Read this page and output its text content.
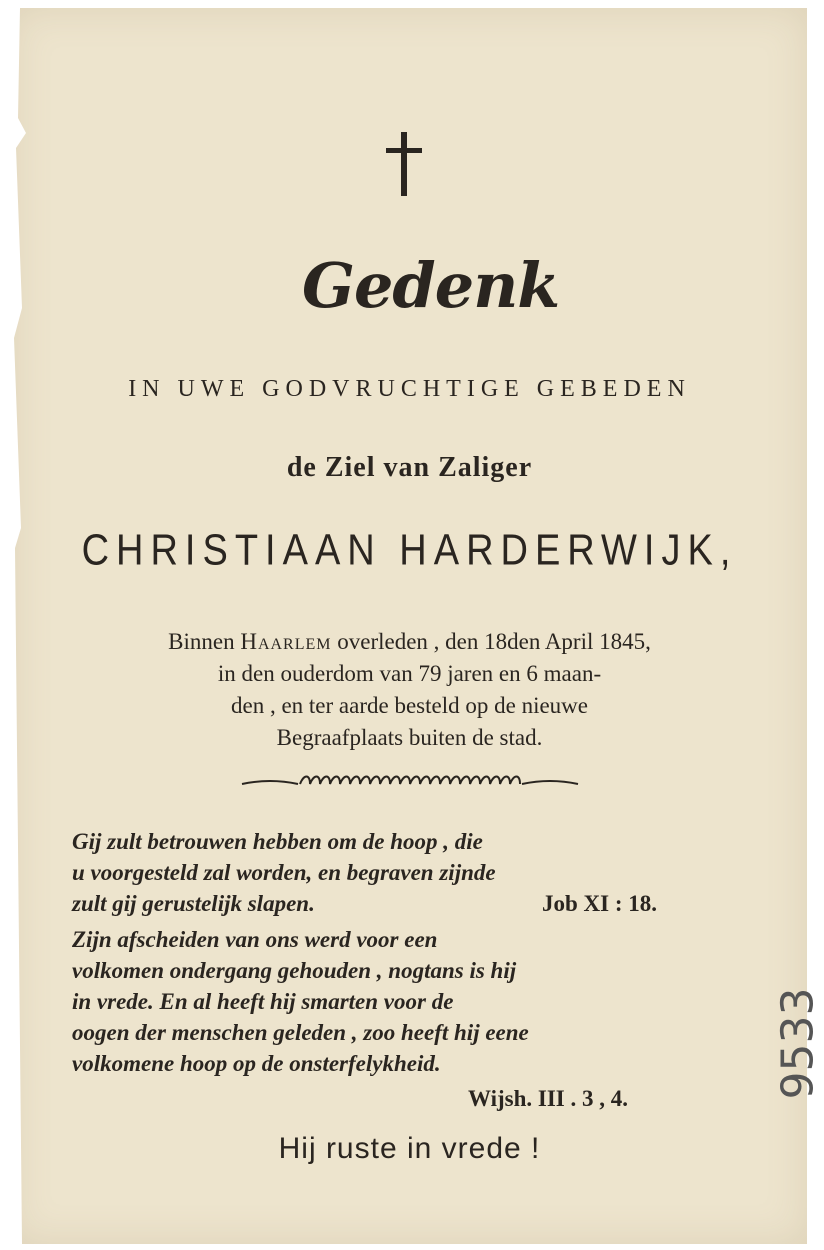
Gedenk
IN UWE GODVRUCHTIGE GEBEDEN
de Ziel van Zaliger
CHRISTIAAN HARDERWIJK,
Binnen Haarlem overleden , den 18den April 1845,
in den ouderdom van 79 jaren en 6 maan-
den , en ter aarde besteld op de nieuwe
Begraafplaats buiten de stad.
Gij zult betrouwen hebben om de hoop , die
u voorgesteld zal worden, en begraven zijnde
zult gij gerustelijk slapen.	Job XI : 18.
Zijn afscheiden van ons werd voor een
volkomen ondergang gehouden , nogtans is hij
in vrede. En al heeft hij smarten voor de
oogen der menschen geleden , zoo heeft hij eene
volkomene hoop op de onsterfelykheid.
Wijsh. III . 3 , 4.
Hij ruste in vrede !
9533
